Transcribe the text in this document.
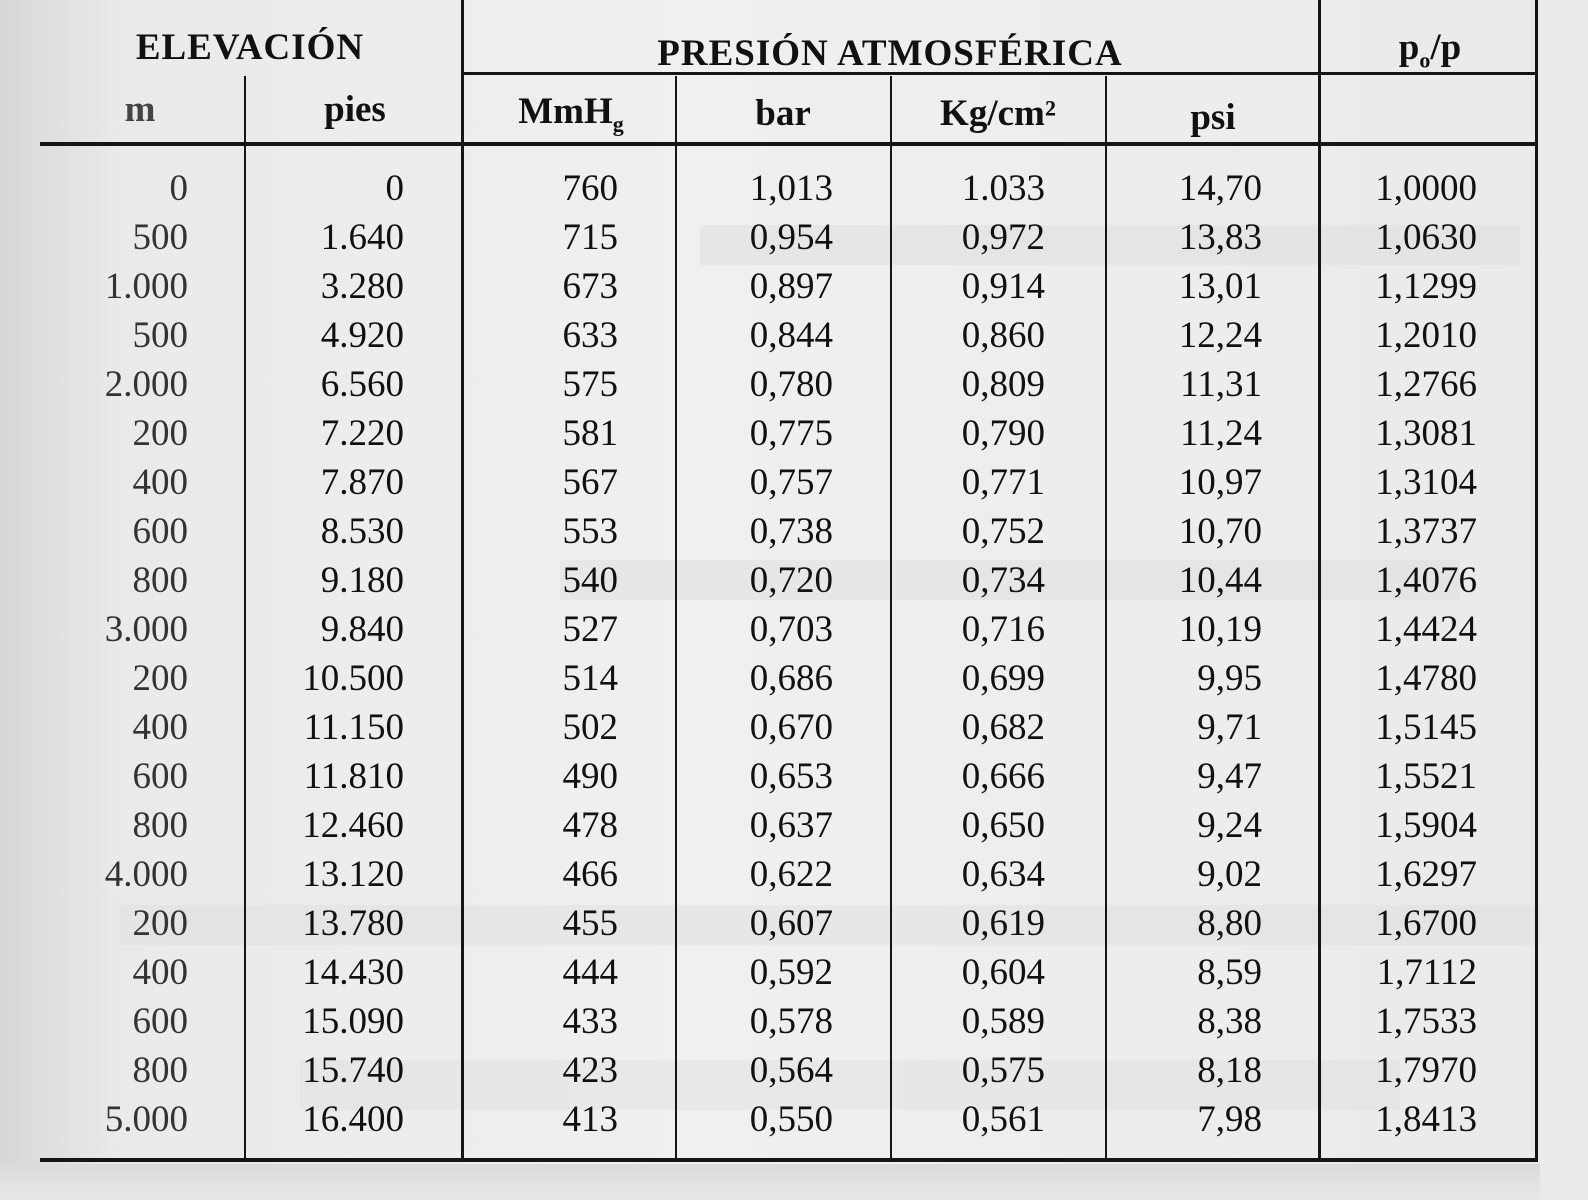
ELEVACIÓN	PRESIÓN ATMOSFÉRICA	$p_o/p$
m	pies	MmH$_g$	bar	Kg/cm²	psi
0	0	760	1,013	1.033	14,70	1,0000
500	1.640	715	0,954	0,972	13,83	1,0630
1.000	3.280	673	0,897	0,914	13,01	1,1299
500	4.920	633	0,844	0,860	12,24	1,2010
2.000	6.560	575	0,780	0,809	11,31	1,2766
200	7.220	581	0,775	0,790	11,24	1,3081
400	7.870	567	0,757	0,771	10,97	1,3104
600	8.530	553	0,738	0,752	10,70	1,3737
800	9.180	540	0,720	0,734	10,44	1,4076
3.000	9.840	527	0,703	0,716	10,19	1,4424
200	10.500	514	0,686	0,699	9,95	1,4780
400	11.150	502	0,670	0,682	9,71	1,5145
600	11.810	490	0,653	0,666	9,47	1,5521
800	12.460	478	0,637	0,650	9,24	1,5904
4.000	13.120	466	0,622	0,634	9,02	1,6297
200	13.780	455	0,607	0,619	8,80	1,6700
400	14.430	444	0,592	0,604	8,59	1,7112
600	15.090	433	0,578	0,589	8,38	1,7533
800	15.740	423	0,564	0,575	8,18	1,7970
5.000	16.400	413	0,550	0,561	7,98	1,8413
